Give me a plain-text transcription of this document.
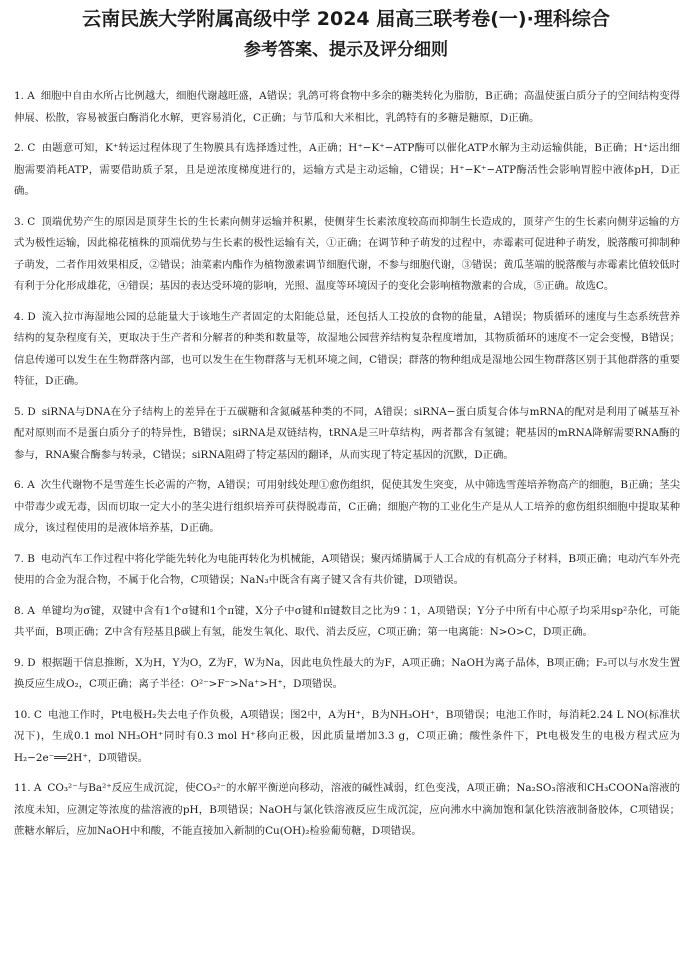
云南民族大学附属高级中学 2024 届高三联考卷(一)·理科综合
参考答案、提示及评分细则
1. A 细胞中自由水所占比例越大，细胞代谢越旺盛，A错误；乳鸽可将食物中多余的糖类转化为脂肪，B正确；高温使蛋白质分子的空间结构变得伸展、松散，容易被蛋白酶消化水解，更容易消化，C正确；与节瓜和大米相比，乳鸽特有的多糖是糖原，D正确。
2. C 由题意可知，K⁺转运过程体现了生物膜具有选择透过性，A正确；H⁺−K⁺−ATP酶可以催化ATP水解为主动运输供能，B正确；H⁺运出细胞需要消耗ATP，需要借助质子泵，且是逆浓度梯度进行的，运输方式是主动运输，C错误；H⁺−K⁺−ATP酶活性会影响胃腔中液体pH，D正确。
3. C 顶端优势产生的原因是顶芽生长的生长素向侧芽运输并积累，使侧芽生长素浓度较高而抑制生长造成的，顶芽产生的生长素向侧芽运输的方式为极性运输，因此棉花植株的顶端优势与生长素的极性运输有关，①正确；在调节种子萌发的过程中，赤霉素可促进种子萌发，脱落酸可抑制种子萌发，二者作用效果相反，②错误；油菜素内酯作为植物激素调节细胞代谢，不参与细胞代谢，③错误；黄瓜茎端的脱落酸与赤霉素比值较低时有利于分化形成雄花，④错误；基因的表达受环境的影响，光照、温度等环境因子的变化会影响植物激素的合成，⑤正确。故选C。
4. D 流入拉市海湿地公园的总能量大于该地生产者固定的太阳能总量，还包括人工投放的食物的能量，A错误；物质循环的速度与生态系统营养结构的复杂程度有关，更取决于生产者和分解者的种类和数量等，故湿地公园营养结构复杂程度增加，其物质循环的速度不一定会变慢，B错误；信息传递可以发生在生物群落内部，也可以发生在生物群落与无机环境之间，C错误；群落的物种组成是湿地公园生物群落区别于其他群落的重要特征，D正确。
5. D siRNA与DNA在分子结构上的差异在于五碳糖和含氮碱基种类的不同，A错误；siRNA−蛋白质复合体与mRNA的配对是利用了碱基互补配对原则而不是蛋白质分子的特异性，B错误；siRNA是双链结构，tRNA是三叶草结构，两者都含有氢键；靶基因的mRNA降解需要RNA酶的参与，RNA聚合酶参与转录，C错误；siRNA阻碍了特定基因的翻译，从而实现了特定基因的沉默，D正确。
6. A 次生代谢物不是雪莲生长必需的产物，A错误；可用射线处理①愈伤组织，促使其发生突变，从中筛选雪莲培养物高产的细胞，B正确；茎尖中带毒少或无毒，因而切取一定大小的茎尖进行组织培养可获得脱毒苗，C正确；细胞产物的工业化生产是从人工培养的愈伤组织细胞中提取某种成分，该过程使用的是液体培养基，D正确。
7. B 电动汽车工作过程中将化学能先转化为电能再转化为机械能，A项错误；聚丙烯腈属于人工合成的有机高分子材料，B项正确；电动汽车外壳使用的合金为混合物，不属于化合物，C项错误；NaN₃中既含有离子键又含有共价键，D项错误。
8. A 单键均为σ键，双键中含有1个σ键和1个π键，X分子中σ键和π键数目之比为9∶1，A项错误；Y分子中所有中心原子均采用sp²杂化，可能共平面，B项正确；Z中含有羟基且β碳上有氢，能发生氧化、取代、消去反应，C项正确；第一电离能：N>O>C，D项正确。
9. D 根据题干信息推断，X为H，Y为O，Z为F，W为Na，因此电负性最大的为F，A项正确；NaOH为离子晶体，B项正确；F₂可以与水发生置换反应生成O₂，C项正确；离子半径：O²⁻>F⁻>Na⁺>H⁺，D项错误。
10. C 电池工作时，Pt电极H₂失去电子作负极，A项错误；图2中，A为H⁺，B为NH₃OH⁺，B项错误；电池工作时，每消耗2.24 L NO(标准状况下)，生成0.1 mol NH₃OH⁺同时有0.3 mol H⁺移向正极，因此质量增加3.3 g，C项正确；酸性条件下，Pt电极发生的电极方程式应为H₂−2e⁻══2H⁺，D项错误。
11. A CO₃²⁻与Ba²⁺反应生成沉淀，使CO₃²⁻的水解平衡逆向移动，溶液的碱性减弱，红色变浅，A项正确；Na₂SO₃溶液和CH₃COONa溶液的浓度未知，应测定等浓度的盐溶液的pH，B项错误；NaOH与氯化铁溶液反应生成沉淀，应向沸水中滴加饱和氯化铁溶液制备胶体，C项错误；蔗糖水解后，应加NaOH中和酸，不能直接加入新制的Cu(OH)₂检验葡萄糖，D项错误。
